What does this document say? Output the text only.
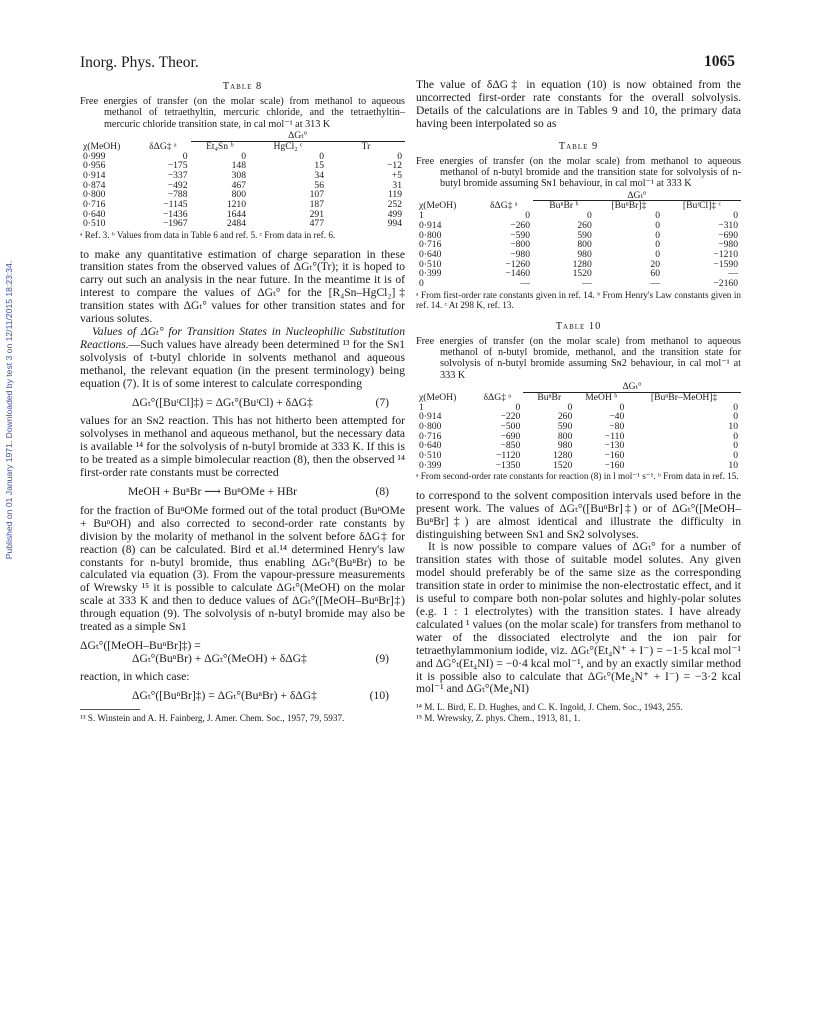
Published on 01 January 1971. Downloaded by test 3 on 12/11/2015 18:23:34.
Inorg. Phys. Theor.	1065
Table 8
Free energies of transfer (on the molar scale) from methanol to aqueous methanol of tetraethyltin, mercuric chloride, and the tetraethyltin–mercuric chloride transition state, in cal mol⁻¹ at 313 K
		ΔGₜ°		
χ(MeOH)	δΔG‡ ᵃ	Et₄Sn ᵇ	HgCl₂ ᶜ	Tr
0·999	0	0	0	0
0·956	−175	148	15	−12
0·914	−337	308	34	+5
0·874	−492	467	56	31
0·800	−788	800	107	119
0·716	−1145	1210	187	252
0·640	−1436	1644	291	499
0·510	−1967	2484	477	994
ᵃ Ref. 3. ᵇ Values from data in Table 6 and ref. 5. ᶜ From data in ref. 6.

to make any quantitative estimation of charge separation in these transition states from the observed values of ΔGₜ°(Tr); it is hoped to carry out such an analysis in the near future. In the meantime it is of interest to compare the values of ΔGₜ° for the [R₄Sn–HgCl₂]‡ transition states with ΔGₜ° values for other transition states and for various solutes.

Values of ΔGₜ° for Transition States in Nucleophilic Substitution Reactions.—Such values have already been determined ¹³ for the Sɴ1 solvolysis of t-butyl chloride in solvents methanol and aqueous methanol, the relevant equation (in the present terminology) being equation (7). It is of some interest to calculate corresponding

ΔGₜ°([BuᵗCl]‡) = ΔGₜ°(BuᵗCl) + δΔG‡	(7)

values for an Sɴ2 reaction. This has not hitherto been attempted for solvolyses in methanol and aqueous methanol, but the necessary data is available ¹⁴ for the solvolysis of n-butyl bromide at 333 K. If this is to be treated as a simple bimolecular reaction (8), then the observed ¹⁴ first-order rate constants must be corrected

MeOH + BuⁿBr ⟶ BuⁿOMe + HBr	(8)

for the fraction of BuⁿOMe formed out of the total product (BuⁿOMe + BuⁿOH) and also corrected to second-order rate constants by division by the molarity of methanol in the solvent before δΔG‡ for reaction (8) can be calculated. Bird et al.¹⁴ determined Henry's law constants for n-butyl bromide, thus enabling ΔGₜ°(BuⁿBr) to be calculated via equation (3). From the vapour-pressure measurements of Wrewsky ¹⁵ it is possible to calculate ΔGₜ°(MeOH) on the molar scale at 333 K and then to deduce values of ΔGₜ°([MeOH–BuⁿBr]‡) through equation (9). The solvolysis of n-butyl bromide may also be treated as a simple Sɴ1

ΔGₜ°([MeOH–BuⁿBr]‡) =
ΔGₜ°(BuⁿBr) + ΔGₜ°(MeOH) + δΔG‡	(9)

reaction, in which case:

ΔGₜ°([BuⁿBr]‡) = ΔGₜ°(BuⁿBr) + δΔG‡	(10)
¹³ S. Winstein and A. H. Fainberg, J. Amer. Chem. Soc., 1957, 79, 5937.

The value of δΔG‡ in equation (10) is now obtained from the uncorrected first-order rate constants for the overall solvolysis. Details of the calculations are in Tables 9 and 10, the primary data having been interpolated so as

Table 9
Free energies of transfer (on the molar scale) from methanol to aqueous methanol of n-butyl bromide and the transition state for solvolysis of n-butyl bromide assuming Sɴ1 behaviour, in cal mol⁻¹ at 333 K
		ΔGₜ°		
χ(MeOH)	δΔG‡ ᵃ	BuⁿBr ᵇ	[BuⁿBr]‡	[BuᵗCl]‡ ᶜ
1	0	0	0	0
0·914	−260	260	0	−310
0·800	−590	590	0	−690
0·716	−800	800	0	−980
0·640	−980	980	0	−1210
0·510	−1260	1280	20	−1590
0·399	−1460	1520	60	—
0	—	—	—	−2160
ᵃ From first-order rate constants given in ref. 14. ᵇ From Henry's Law constants given in ref. 14. ᶜ At 298 K, ref. 13.
Table 10
Free energies of transfer (on the molar scale) from methanol to aqueous methanol of n-butyl bromide, methanol, and the transition state for solvolysis of n-butyl bromide assuming Sɴ2 behaviour, in cal mol⁻¹ at 333 K
		ΔGₜ°		
χ(MeOH)	δΔG‡ ᵃ	BuⁿBr	MeOH ᵇ	[BuⁿBr–MeOH]‡
1	0	0	0	0
0·914	−220	260	−40	0
0·800	−500	590	−80	10
0·716	−690	800	−110	0
0·640	−850	980	−130	0
0·510	−1120	1280	−160	0
0·399	−1350	1520	−160	10
ᵃ From second-order rate constants for reaction (8) in l mol⁻¹ s⁻¹. ᵇ From data in ref. 15.

to correspond to the solvent composition intervals used before in the present work. The values of ΔGₜ°([BuⁿBr]‡) or of ΔGₜ°([MeOH–BuⁿBr]‡) are almost identical and illustrate the difficulty in distinguishing between Sɴ1 and Sɴ2 solvolyses.

It is now possible to compare values of ΔGₜ° for a number of transition states with those of suitable model solutes. Any given model should preferably be of the same size as the corresponding transition state in order to minimise the non-electrostatic effect, and it is useful to compare both non-polar solutes and highly-polar solutes (e.g. 1 : 1 electrolytes) with the transition states. I have already calculated ¹ values (on the molar scale) for transfers from methanol to water of the dissociated electrolyte and the ion pair for tetraethylammonium iodide, viz. ΔGₜ°(Et₄N⁺ + I⁻) = −1·5 kcal mol⁻¹ and ΔG°ₜ(Et₄NI) = −0·4 kcal mol⁻¹, and by an exactly similar method it is possible also to calculate that ΔGₜ°(Me₄N⁺ + I⁻) = −3·2 kcal mol⁻¹ and ΔGₜ°(Me₄NI)

¹⁴ M. L. Bird, E. D. Hughes, and C. K. Ingold, J. Chem. Soc., 1943, 255.
¹⁵ M. Wrewsky, Z. phys. Chem., 1913, 81, 1.
